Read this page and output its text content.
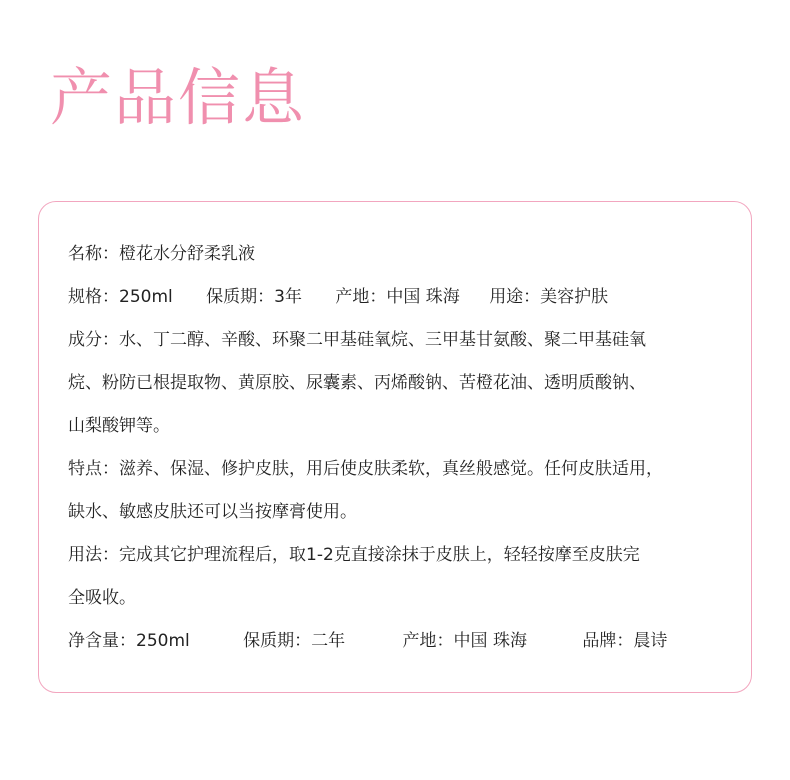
产品信息
名称：橙花水分舒柔乳液
规格：250ml 保质期：3年 产地：中国 珠海 用途：美容护肤
成分：水、丁二醇、辛酸、环聚二甲基硅氧烷、三甲基甘氨酸、聚二甲基硅氧
烷、粉防已根提取物、黄原胶、尿囊素、丙烯酸钠、苦橙花油、透明质酸钠、
山梨酸钾等。
特点：滋养、保湿、修护皮肤，用后使皮肤柔软，真丝般感觉。任何皮肤适用，
缺水、敏感皮肤还可以当按摩膏使用。
用法：完成其它护理流程后，取1-2克直接涂抹于皮肤上，轻轻按摩至皮肤完
全吸收。
净含量：250ml	保质期：二年	产地：中国 珠海	品牌：晨诗
